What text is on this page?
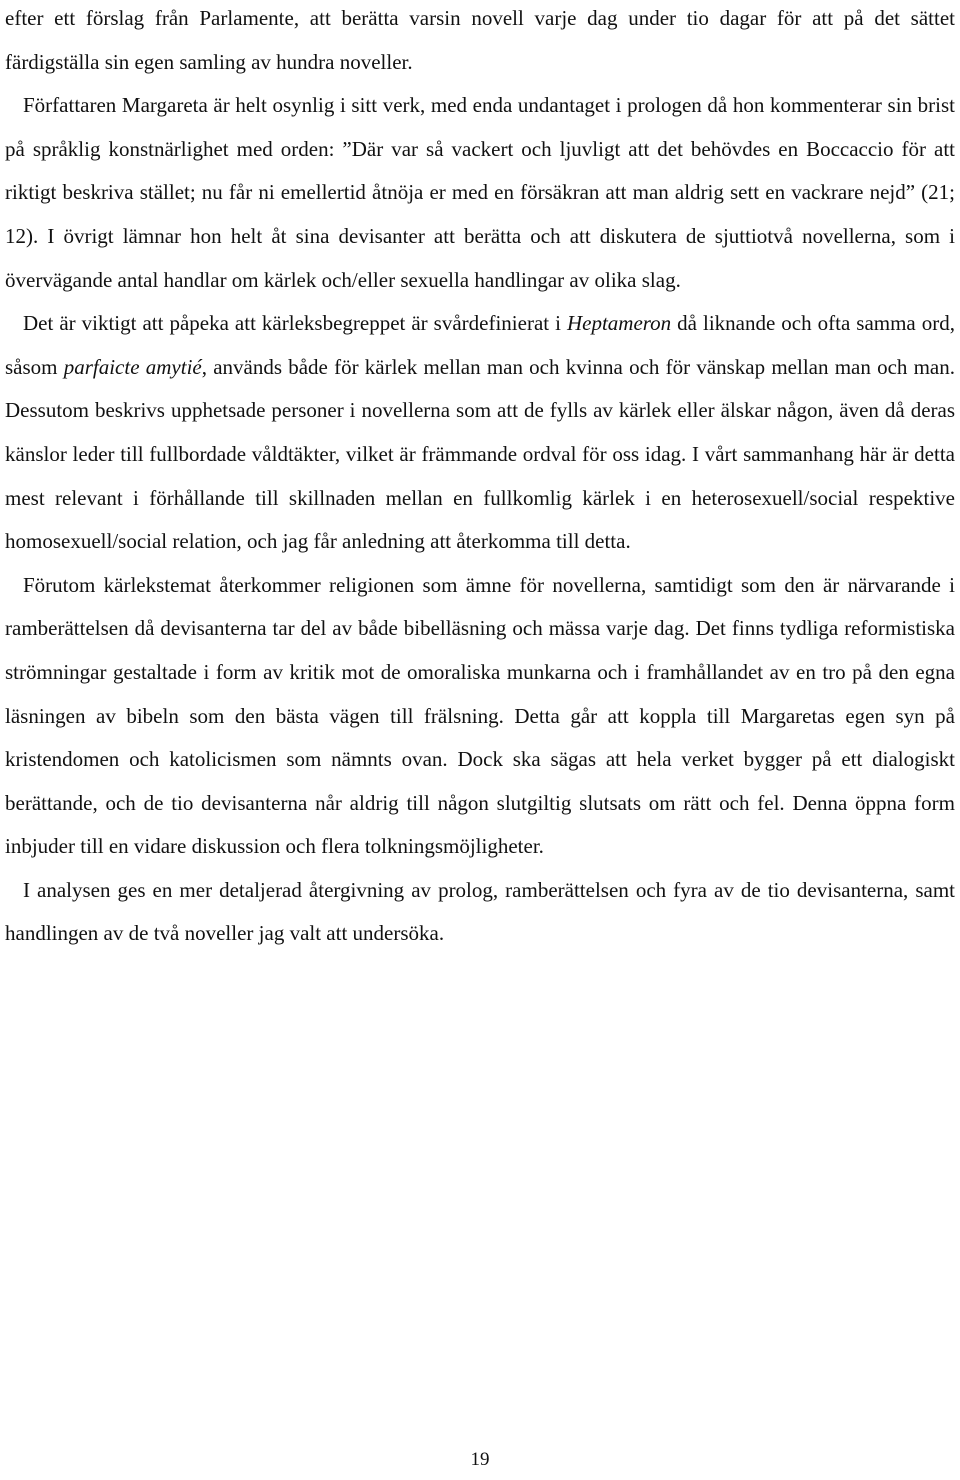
efter ett förslag från Parlamente, att berätta varsin novell varje dag under tio dagar för att på det sättet färdigställa sin egen samling av hundra noveller.

Författaren Margareta är helt osynlig i sitt verk, med enda undantaget i prologen då hon kommenterar sin brist på språklig konstnärlighet med orden: ”Där var så vackert och ljuvligt att det behövdes en Boccaccio för att riktigt beskriva stället; nu får ni emellertid åtnöja er med en försäkran att man aldrig sett en vackrare nejd” (21; 12). I övrigt lämnar hon helt åt sina devisanter att berätta och att diskutera de sjuttiotvå novellerna, som i övervägande antal handlar om kärlek och/eller sexuella handlingar av olika slag.

Det är viktigt att påpeka att kärleksbegreppet är svårdefinierat i Heptameron då liknande och ofta samma ord, såsom parfaicte amytié, används både för kärlek mellan man och kvinna och för vänskap mellan man och man. Dessutom beskrivs upphetsade personer i novellerna som att de fylls av kärlek eller älskar någon, även då deras känslor leder till fullbordade våldtäkter, vilket är främmande ordval för oss idag. I vårt sammanhang här är detta mest relevant i förhållande till skillnaden mellan en fullkomlig kärlek i en heterosexuell/social respektive homosexuell/social relation, och jag får anledning att återkomma till detta.

Förutom kärlekstemat återkommer religionen som ämne för novellerna, samtidigt som den är närvarande i ramberättelsen då devisanterna tar del av både bibelläsning och mässa varje dag. Det finns tydliga reformistiska strömningar gestaltade i form av kritik mot de omoraliska munkarna och i framhållandet av en tro på den egna läsningen av bibeln som den bästa vägen till frälsning. Detta går att koppla till Margaretas egen syn på kristendomen och katolicismen som nämnts ovan. Dock ska sägas att hela verket bygger på ett dialogiskt berättande, och de tio devisanterna når aldrig till någon slutgiltig slutsats om rätt och fel. Denna öppna form inbjuder till en vidare diskussion och flera tolkningsmöjligheter.

I analysen ges en mer detaljerad återgivning av prolog, ramberättelsen och fyra av de tio devisanterna, samt handlingen av de två noveller jag valt att undersöka.

19
